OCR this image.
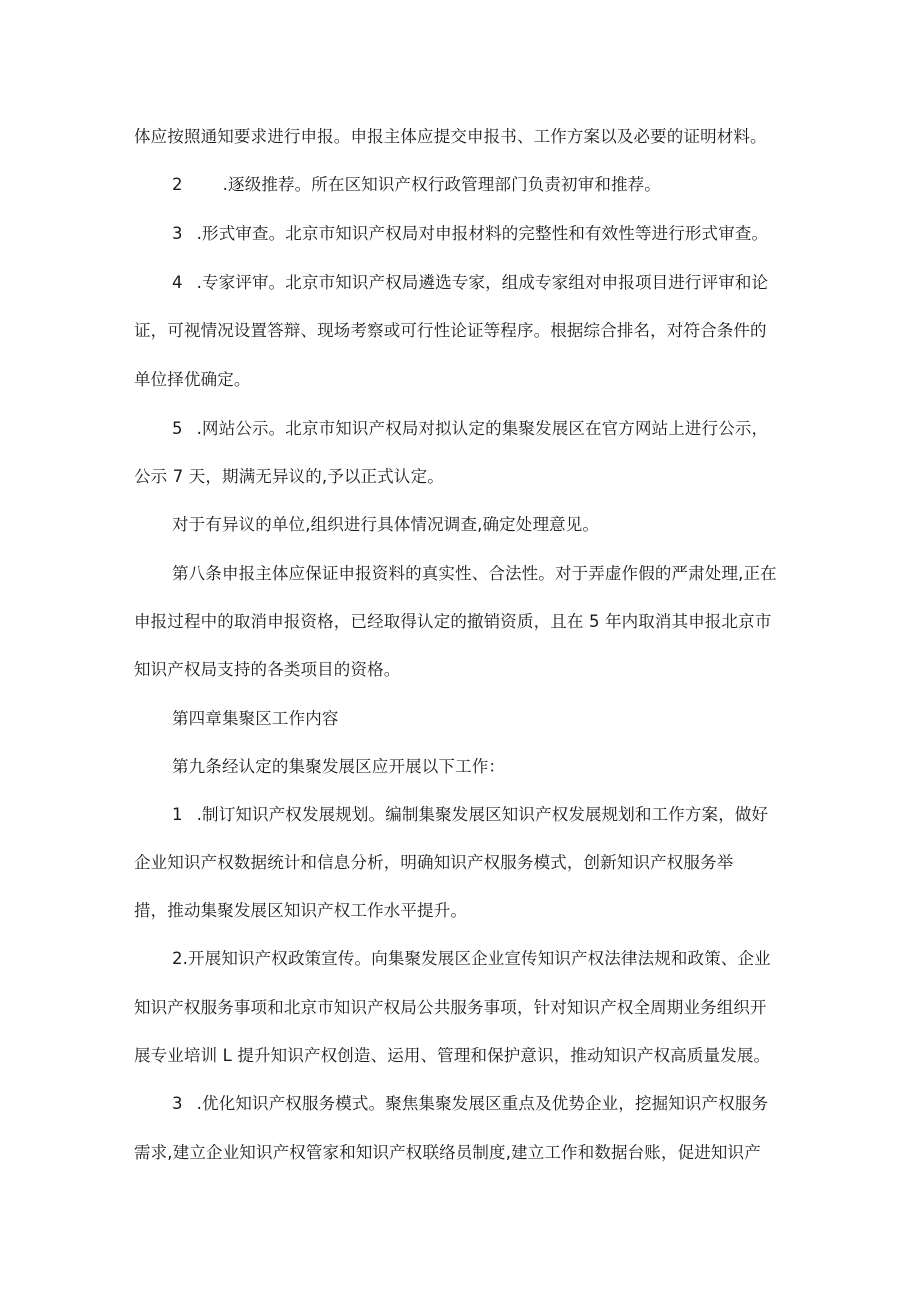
体应按照通知要求进行申报。申报主体应提交申报书、工作方案以及必要的证明材料。
2 .逐级推荐。所在区知识产权行政管理部门负责初审和推荐。
3 .形式审查。北京市知识产权局对申报材料的完整性和有效性等进行形式审查。
4 .专家评审。北京市知识产权局遴选专家，组成专家组对申报项目进行评审和论
证，可视情况设置答辩、现场考察或可行性论证等程序。根据综合排名，对符合条件的
单位择优确定。
5 .网站公示。北京市知识产权局对拟认定的集聚发展区在官方网站上进行公示，
公示 7 天，期满无异议的,予以正式认定。
对于有异议的单位,组织进行具体情况调查,确定处理意见。
第八条申报主体应保证申报资料的真实性、合法性。对于弄虚作假的严肃处理,正在
申报过程中的取消申报资格，已经取得认定的撤销资质，且在 5 年内取消其申报北京市
知识产权局支持的各类项目的资格。
第四章集聚区工作内容
第九条经认定的集聚发展区应开展以下工作：
1 .制订知识产权发展规划。编制集聚发展区知识产权发展规划和工作方案，做好
企业知识产权数据统计和信息分析，明确知识产权服务模式，创新知识产权服务举
措，推动集聚发展区知识产权工作水平提升。
2.开展知识产权政策宣传。向集聚发展区企业宣传知识产权法律法规和政策、企业
知识产权服务事项和北京市知识产权局公共服务事项，针对知识产权全周期业务组织开
展专业培训 L 提升知识产权创造、运用、管理和保护意识，推动知识产权高质量发展。
3 .优化知识产权服务模式。聚焦集聚发展区重点及优势企业，挖掘知识产权服务
需求,建立企业知识产权管家和知识产权联络员制度,建立工作和数据台账，促进知识产
